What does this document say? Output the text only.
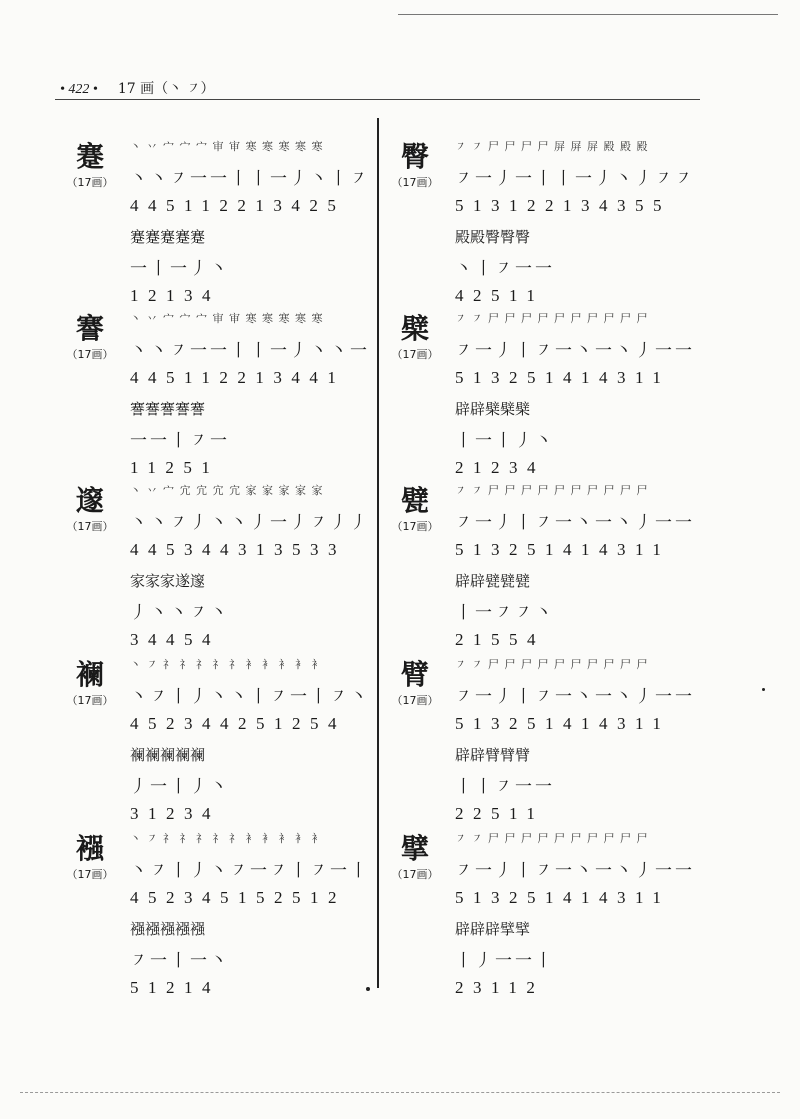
• 422 • 17 画（丶 ㇇）
蹇
（17画）
丶 丷 宀 宀 宀 审 审 寒 寒 寒 寒 寒
丶丶㇇一一丨丨一丿丶丨㇇
445112213425
蹇蹇蹇蹇蹇
一丨一丿丶
12134
謇
（17画）
丶 丷 宀 宀 宀 审 审 寒 寒 寒 寒 寒
丶丶㇇一一丨丨一丿丶丶一
445112213441
謇謇謇謇謇
一一丨㇇一
11251
邃
（17画）
丶 丷 宀 宂 宂 宂 宂 家 家 家 家 家
丶丶㇇丿丶丶丿一丿㇇丿丿
445344313533
家家家遂邃
丿丶丶㇇丶
34454
襕
（17画）
丶 ㇇ 礻 礻 礻 礻 礻 衤 衤 衤 衤 衤
丶㇇丨丿丶丶丨㇇一丨㇇丶
452344251254
襕襕襕襕襕
丿一丨丿丶
31234
襁
（17画）
丶 ㇇ 礻 礻 礻 礻 礻 衤 衤 衤 衤 衤
丶㇇丨丿丶㇇一㇇丨㇇一丨
452345152512
襁襁襁襁襁
㇇一丨一丶
51214
臀
（17画）
㇇ ㇇ 尸 尸 尸 尸 屏 屏 屏 殿 殿 殿
㇇一丿一丨丨一丿丶丿㇇㇇
513122134355
殿殿臀臀臀
丶丨㇇一一
42511
檗
（17画）
㇇ ㇇ 尸 尸 尸 尸 尸 尸 尸 尸 尸 尸
㇇一丿丨㇇一丶一丶丿一一
513251414311
辟辟檗檗檗
丨一丨丿丶
21234
甓
（17画）
㇇ ㇇ 尸 尸 尸 尸 尸 尸 尸 尸 尸 尸
㇇一丿丨㇇一丶一丶丿一一
513251414311
辟辟甓甓甓
丨一㇇㇇丶
21554
臂
（17画）
㇇ ㇇ 尸 尸 尸 尸 尸 尸 尸 尸 尸 尸
㇇一丿丨㇇一丶一丶丿一一
513251414311
辟辟臂臂臂
丨丨㇇一一
22511
擘
（17画）
㇇ ㇇ 尸 尸 尸 尸 尸 尸 尸 尸 尸 尸
㇇一丿丨㇇一丶一丶丿一一
513251414311
辟辟辟擘擘
丨丿一一丨
23112
